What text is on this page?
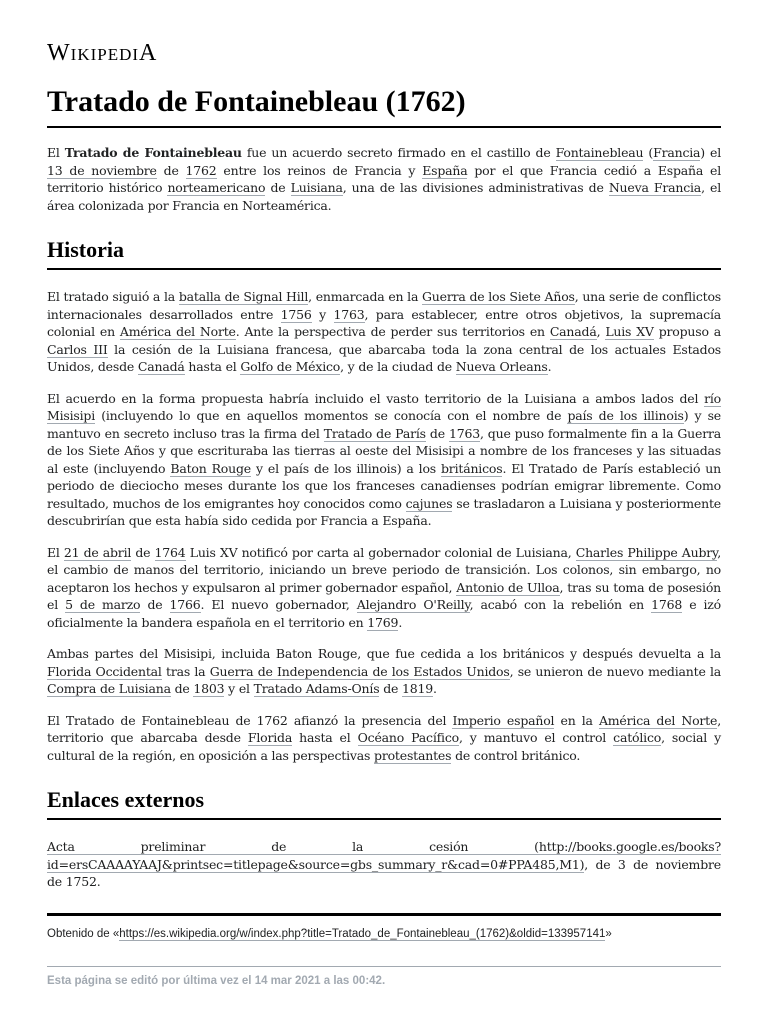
WIKIPEDIA
Tratado de Fontainebleau (1762)

El Tratado de Fontainebleau fue un acuerdo secreto firmado en el castillo de Fontainebleau (Francia) el 13 de noviembre de 1762 entre los reinos de Francia y España por el que Francia cedió a España el territorio histórico norteamericano de Luisiana, una de las divisiones administrativas de Nueva Francia, el área colonizada por Francia en Norteamérica.

Historia

El tratado siguió a la batalla de Signal Hill, enmarcada en la Guerra de los Siete Años, una serie de conflictos internacionales desarrollados entre 1756 y 1763, para establecer, entre otros objetivos, la supremacía colonial en América del Norte. Ante la perspectiva de perder sus territorios en Canadá, Luis XV propuso a Carlos III la cesión de la Luisiana francesa, que abarcaba toda la zona central de los actuales Estados Unidos, desde Canadá hasta el Golfo de México, y de la ciudad de Nueva Orleans.

El acuerdo en la forma propuesta habría incluido el vasto territorio de la Luisiana a ambos lados del río Misisipi (incluyendo lo que en aquellos momentos se conocía con el nombre de país de los illinois) y se mantuvo en secreto incluso tras la firma del Tratado de París de 1763, que puso formalmente fin a la Guerra de los Siete Años y que escrituraba las tierras al oeste del Misisipi a nombre de los franceses y las situadas al este (incluyendo Baton Rouge y el país de los illinois) a los británicos. El Tratado de París estableció un periodo de dieciocho meses durante los que los franceses canadienses podrían emigrar libremente. Como resultado, muchos de los emigrantes hoy conocidos como cajunes se trasladaron a Luisiana y posteriormente descubrirían que esta había sido cedida por Francia a España.

El 21 de abril de 1764 Luis XV notificó por carta al gobernador colonial de Luisiana, Charles Philippe Aubry, el cambio de manos del territorio, iniciando un breve periodo de transición. Los colonos, sin embargo, no aceptaron los hechos y expulsaron al primer gobernador español, Antonio de Ulloa, tras su toma de posesión el 5 de marzo de 1766. El nuevo gobernador, Alejandro O'Reilly, acabó con la rebelión en 1768 e izó oficialmente la bandera española en el territorio en 1769.

Ambas partes del Misisipi, incluida Baton Rouge, que fue cedida a los británicos y después devuelta a la Florida Occidental tras la Guerra de Independencia de los Estados Unidos, se unieron de nuevo mediante la Compra de Luisiana de 1803 y el Tratado Adams-Onís de 1819.

El Tratado de Fontainebleau de 1762 afianzó la presencia del Imperio español en la América del Norte, territorio que abarcaba desde Florida hasta el Océano Pacífico, y mantuvo el control católico, social y cultural de la región, en oposición a las perspectivas protestantes de control británico.

Enlaces externos

Acta preliminar de la cesión (http://books.google.es/books?id=ersCAAAAYAAJ&printsec=titlepage&source=gbs_summary_r&cad=0#PPA485,M1), de 3 de noviembre de 1752.

Obtenido de «https://es.wikipedia.org/w/index.php?title=Tratado_de_Fontainebleau_(1762)&oldid=133957141»
Esta página se editó por última vez el 14 mar 2021 a las 00:42.
